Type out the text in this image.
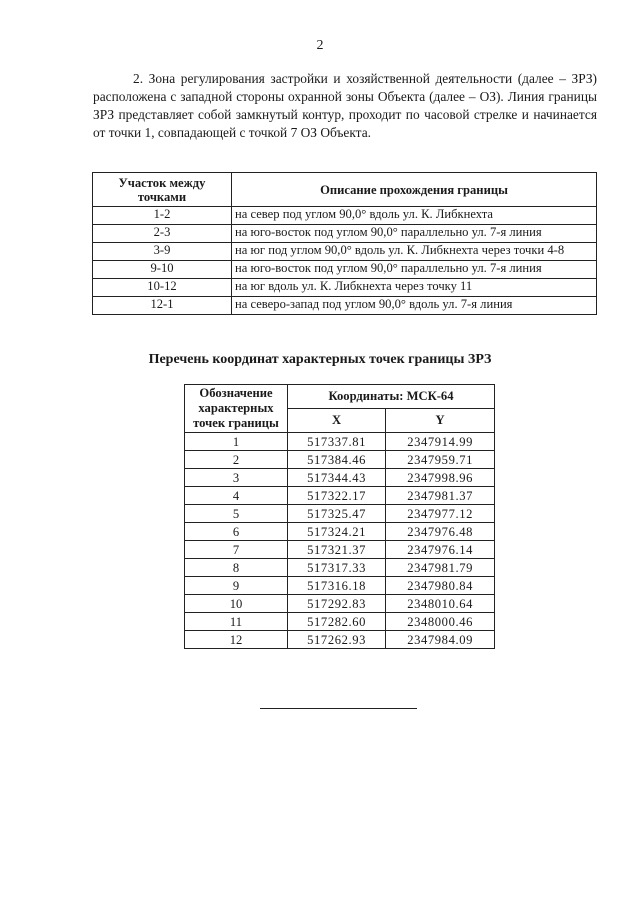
2

2. Зона регулирования застройки и хозяйственной деятельности (далее – ЗРЗ) расположена с западной стороны охранной зоны Объекта (далее – ОЗ). Линия границы ЗРЗ представляет собой замкнутый контур, проходит по часовой стрелке и начинается от точки 1, совпадающей с точкой 7 ОЗ Объекта.

Участок между точками	Описание прохождения границы
1-2	на север под углом 90,0° вдоль ул. К. Либкнехта
2-3	на юго-восток под углом 90,0° параллельно ул. 7-я линия
3-9	на юг под углом 90,0° вдоль ул. К. Либкнехта через точки 4-8
9-10	на юго-восток под углом 90,0° параллельно ул. 7-я линия
10-12	на юг вдоль ул. К. Либкнехта через точку 11
12-1	на северо-запад под углом 90,0° вдоль ул. 7-я линия
Перечень координат характерных точек границы ЗРЗ
Обозначение характерных точек границы	Координаты: МСК-64	
	X	Y
1	517337.81	2347914.99
2	517384.46	2347959.71
3	517344.43	2347998.96
4	517322.17	2347981.37
5	517325.47	2347977.12
6	517324.21	2347976.48
7	517321.37	2347976.14
8	517317.33	2347981.79
9	517316.18	2347980.84
10	517292.83	2348010.64
11	517282.60	2348000.46
12	517262.93	2347984.09
